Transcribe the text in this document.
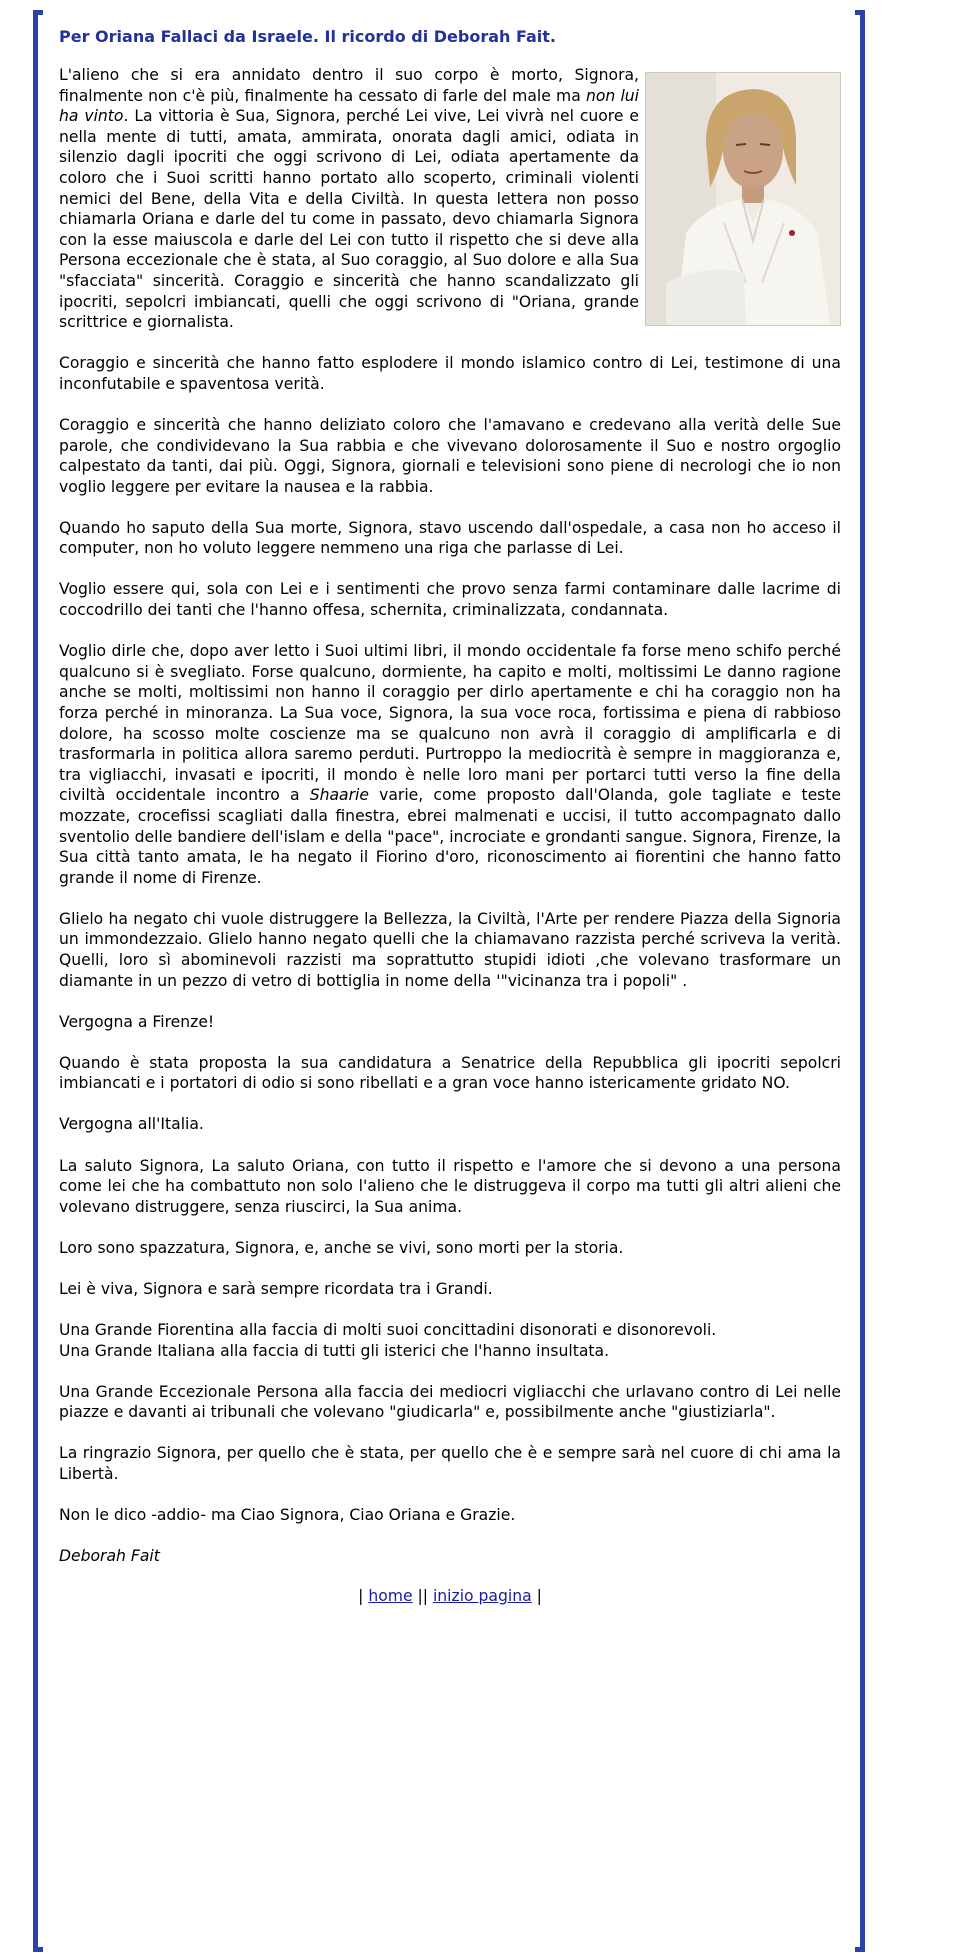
Per Oriana Fallaci da Israele. Il ricordo di Deborah Fait.

L'alieno che si era annidato dentro il suo corpo è morto, Signora, finalmente non c'è più, finalmente ha cessato di farle del male ma non lui ha vinto. La vittoria è Sua, Signora, perché Lei vive, Lei vivrà nel cuore e nella mente di tutti, amata, ammirata, onorata dagli amici, odiata in silenzio dagli ipocriti che oggi scrivono di Lei, odiata apertamente da coloro che i Suoi scritti hanno portato allo scoperto, criminali violenti nemici del Bene, della Vita e della Civiltà. In questa lettera non posso chiamarla Oriana e darle del tu come in passato, devo chiamarla Signora con la esse maiuscola e darle del Lei con tutto il rispetto che si deve alla Persona eccezionale che è stata, al Suo coraggio, al Suo dolore e alla Sua "sfacciata" sincerità. Coraggio e sincerità che hanno scandalizzato gli ipocriti, sepolcri imbiancati, quelli che oggi scrivono di "Oriana, grande scrittrice e giornalista.

Coraggio e sincerità che hanno fatto esplodere il mondo islamico contro di Lei, testimone di una inconfutabile e spaventosa verità.

Coraggio e sincerità che hanno deliziato coloro che l'amavano e credevano alla verità delle Sue parole, che condividevano la Sua rabbia e che vivevano dolorosamente il Suo e nostro orgoglio calpestato da tanti, dai più. Oggi, Signora, giornali e televisioni sono piene di necrologi che io non voglio leggere per evitare la nausea e la rabbia.

Quando ho saputo della Sua morte, Signora, stavo uscendo dall'ospedale, a casa non ho acceso il computer, non ho voluto leggere nemmeno una riga che parlasse di Lei.

Voglio essere qui, sola con Lei e i sentimenti che provo senza farmi contaminare dalle lacrime di coccodrillo dei tanti che l'hanno offesa, schernita, criminalizzata, condannata.

Voglio dirle che, dopo aver letto i Suoi ultimi libri, il mondo occidentale fa forse meno schifo perché qualcuno si è svegliato. Forse qualcuno, dormiente, ha capito e molti, moltissimi Le danno ragione anche se molti, moltissimi non hanno il coraggio per dirlo apertamente e chi ha coraggio non ha forza perché in minoranza. La Sua voce, Signora, la sua voce roca, fortissima e piena di rabbioso dolore, ha scosso molte coscienze ma se qualcuno non avrà il coraggio di amplificarla e di trasformarla in politica allora saremo perduti. Purtroppo la mediocrità è sempre in maggioranza e, tra vigliacchi, invasati e ipocriti, il mondo è nelle loro mani per portarci tutti verso la fine della civiltà occidentale incontro a Shaarie varie, come proposto dall'Olanda, gole tagliate e teste mozzate, crocefissi scagliati dalla finestra, ebrei malmenati e uccisi, il tutto accompagnato dallo sventolio delle bandiere dell'islam e della "pace", incrociate e grondanti sangue. Signora, Firenze, la Sua città tanto amata, le ha negato il Fiorino d'oro, riconoscimento ai fiorentini che hanno fatto grande il nome di Firenze.

Glielo ha negato chi vuole distruggere la Bellezza, la Civiltà, l'Arte per rendere Piazza della Signoria un immondezzaio. Glielo hanno negato quelli che la chiamavano razzista perché scriveva la verità. Quelli, loro sì abominevoli razzisti ma soprattutto stupidi idioti ,che volevano trasformare un diamante in un pezzo di vetro di bottiglia in nome della '"vicinanza tra i popoli" .

Vergogna a Firenze!

Quando è stata proposta la sua candidatura a Senatrice della Repubblica gli ipocriti sepolcri imbiancati e i portatori di odio si sono ribellati e a gran voce hanno istericamente gridato NO.

Vergogna all'Italia.

La saluto Signora, La saluto Oriana, con tutto il rispetto e l'amore che si devono a una persona come lei che ha combattuto non solo l'alieno che le distruggeva il corpo ma tutti gli altri alieni che volevano distruggere, senza riuscirci, la Sua anima.

Loro sono spazzatura, Signora, e, anche se vivi, sono morti per la storia.

Lei è viva, Signora e sarà sempre ricordata tra i Grandi.

Una Grande Fiorentina alla faccia di molti suoi concittadini disonorati e disonorevoli.
Una Grande Italiana alla faccia di tutti gli isterici che l'hanno insultata.

Una Grande Eccezionale Persona alla faccia dei mediocri vigliacchi che urlavano contro di Lei nelle piazze e davanti ai tribunali che volevano "giudicarla" e, possibilmente anche "giustiziarla".

La ringrazio Signora, per quello che è stata, per quello che è e sempre sarà nel cuore di chi ama la Libertà.

Non le dico -addio- ma Ciao Signora, Ciao Oriana e Grazie.

Deborah Fait

| home || inizio pagina |
